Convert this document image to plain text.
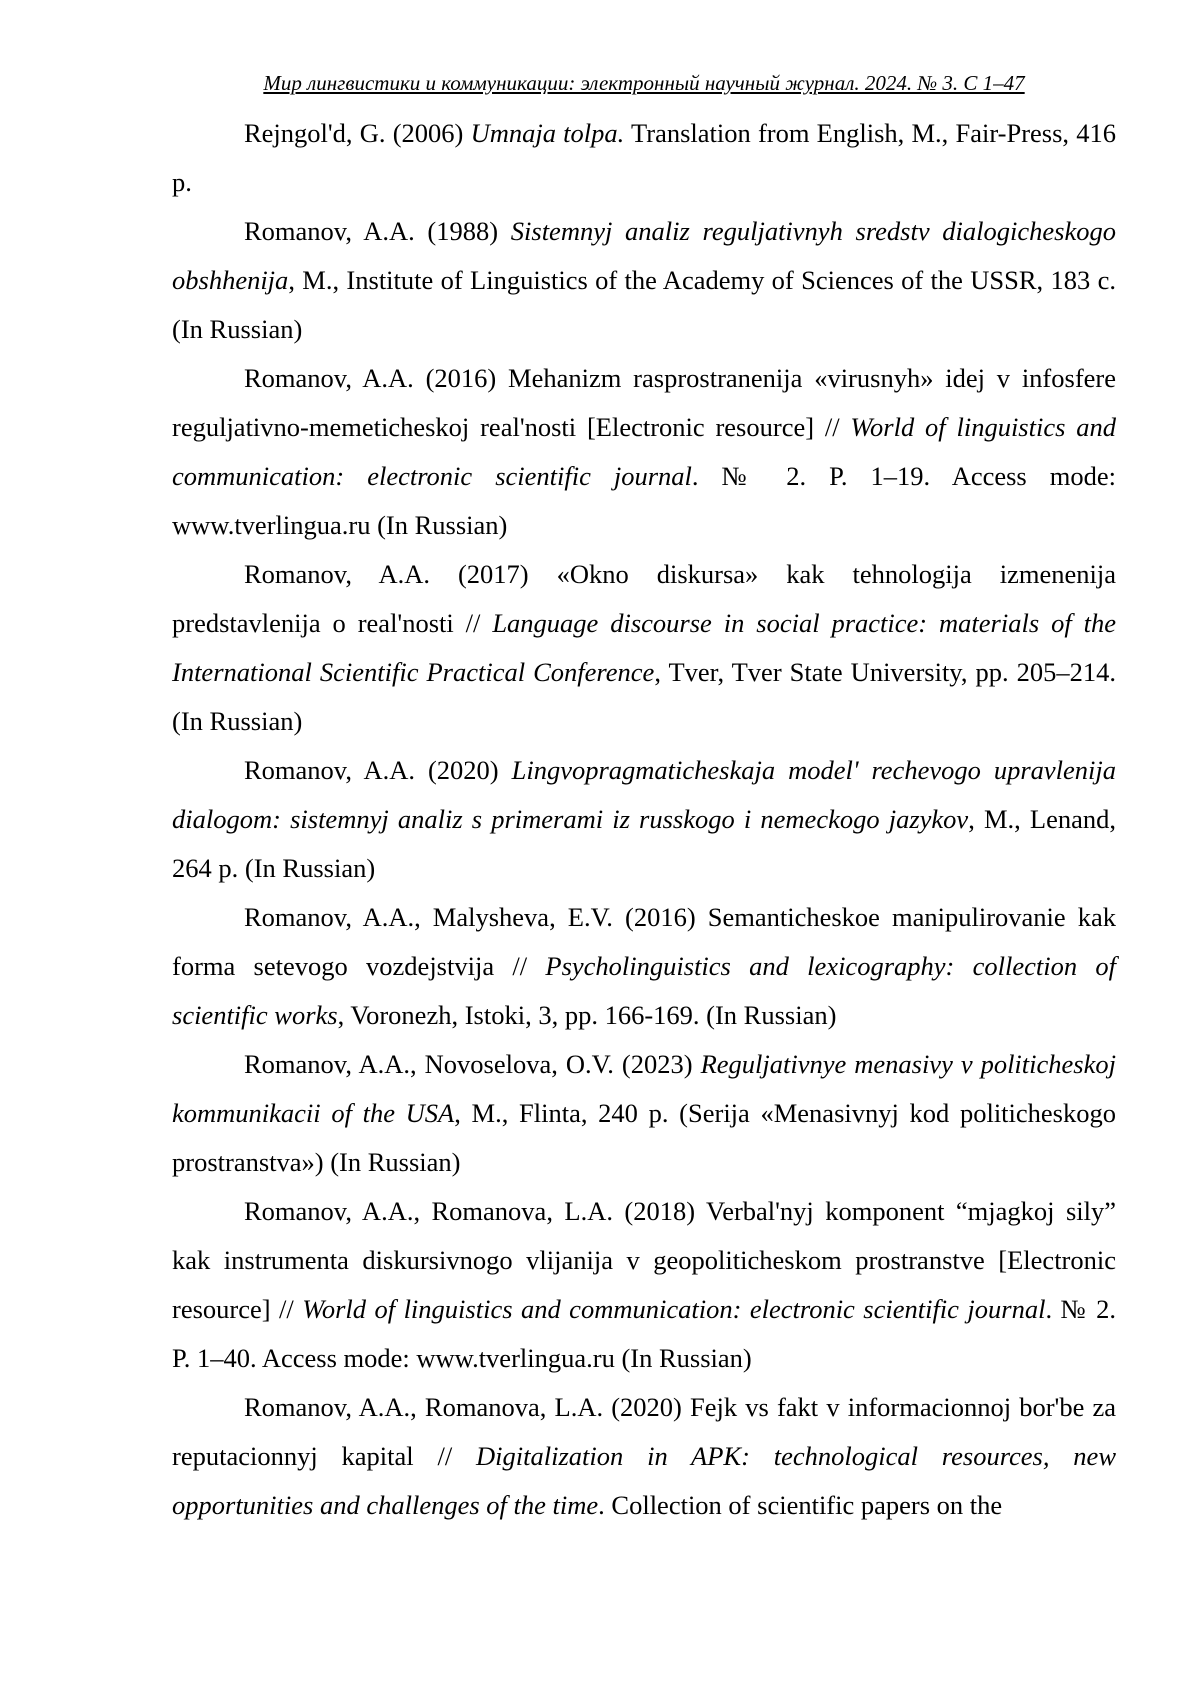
Мир лингвистики и коммуникации: электронный научный журнал. 2024. № 3. С 1–47

Rejngol'd, G. (2006) Umnaja tolpa. Translation from English, M., Fair-Press, 416 p.

Romanov, A.A. (1988) Sistemnyj analiz reguljativnyh sredstv dialogicheskogo obshhenija, M., Institute of Linguistics of the Academy of Sciences of the USSR, 183 c. (In Russian)

Romanov, A.A. (2016) Mehanizm rasprostranenija «virusnyh» idej v infosfere reguljativno-memeticheskoj real'nosti [Electronic resource] // World of linguistics and communication: electronic scientific journal. № 2. P. 1–19. Access mode: www.tverlingua.ru (In Russian)

Romanov, A.A. (2017) «Okno diskursa» kak tehnologija izmenenija predstavlenija o real'nosti // Language discourse in social practice: materials of the International Scientific Practical Conference, Tver, Tver State University, pp. 205–214. (In Russian)

Romanov, A.A. (2020) Lingvopragmaticheskaja model' rechevogo upravlenija dialogom: sistemnyj analiz s primerami iz russkogo i nemeckogo jazykov, M., Lenand, 264 p. (In Russian)

Romanov, A.A., Malysheva, E.V. (2016) Semanticheskoe manipulirovanie kak forma setevogo vozdejstvija // Psycholinguistics and lexicography: collection of scientific works, Voronezh, Istoki, 3, pp. 166-169. (In Russian)

Romanov, A.A., Novoselova, O.V. (2023) Reguljativnye menasivy v politicheskoj kommunikacii of the USA, M., Flinta, 240 p. (Serija «Menasivnyj kod politicheskogo prostranstva») (In Russian)

Romanov, A.A., Romanova, L.A. (2018) Verbal'nyj komponent “mjagkoj sily” kak instrumenta diskursivnogo vlijanija v geopoliticheskom prostranstve [Electronic resource] // World of linguistics and communication: electronic scientific journal. № 2. P. 1–40. Access mode: www.tverlingua.ru (In Russian)

Romanov, A.A., Romanova, L.A. (2020) Fejk vs fakt v informacionnoj bor'be za reputacionnyj kapital // Digitalization in APK: technological resources, new opportunities and challenges of the time. Collection of scientific papers on the
